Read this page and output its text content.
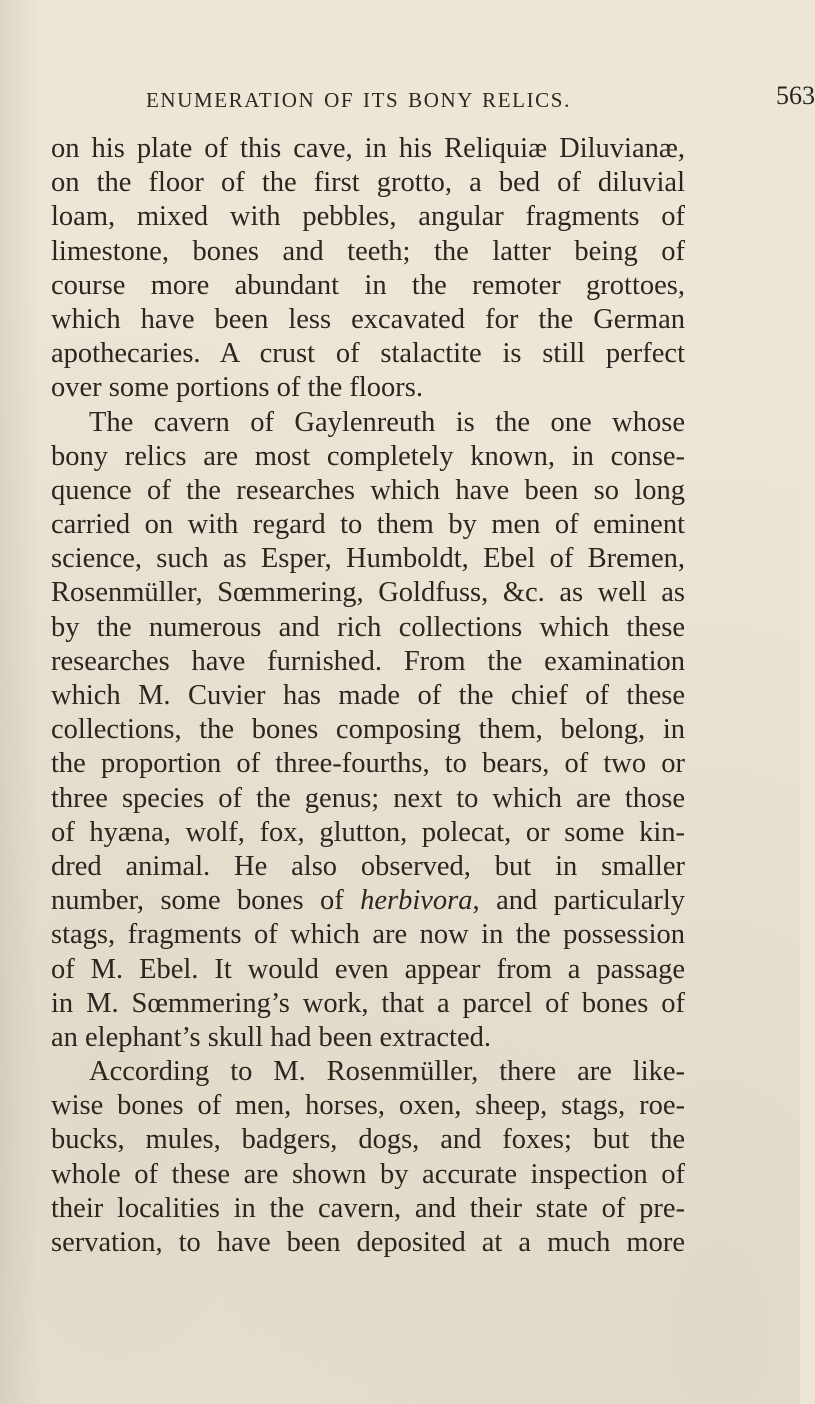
ENUMERATION OF ITS BONY RELICS.	563
on his plate of this cave, in his Reliquiæ Diluvianæ,
on the floor of the first grotto, a bed of diluvial
loam, mixed with pebbles, angular fragments of
limestone, bones and teeth; the latter being of
course more abundant in the remoter grottoes,
which have been less excavated for the German
apothecaries. A crust of stalactite is still perfect
over some portions of the floors.
The cavern of Gaylenreuth is the one whose
bony relics are most completely known, in conse-
quence of the researches which have been so long
carried on with regard to them by men of eminent
science, such as Esper, Humboldt, Ebel of Bremen,
Rosenmüller, Sœmmering, Goldfuss, &c. as well as
by the numerous and rich collections which these
researches have furnished. From the examination
which M. Cuvier has made of the chief of these
collections, the bones composing them, belong, in
the proportion of three-fourths, to bears, of two or
three species of the genus; next to which are those
of hyæna, wolf, fox, glutton, polecat, or some kin-
dred animal. He also observed, but in smaller
number, some bones of herbivora, and particularly
stags, fragments of which are now in the possession
of M. Ebel. It would even appear from a passage
in M. Sœmmering’s work, that a parcel of bones of
an elephant’s skull had been extracted.
According to M. Rosenmüller, there are like-
wise bones of men, horses, oxen, sheep, stags, roe-
bucks, mules, badgers, dogs, and foxes; but the
whole of these are shown by accurate inspection of
their localities in the cavern, and their state of pre-
servation, to have been deposited at a much more
